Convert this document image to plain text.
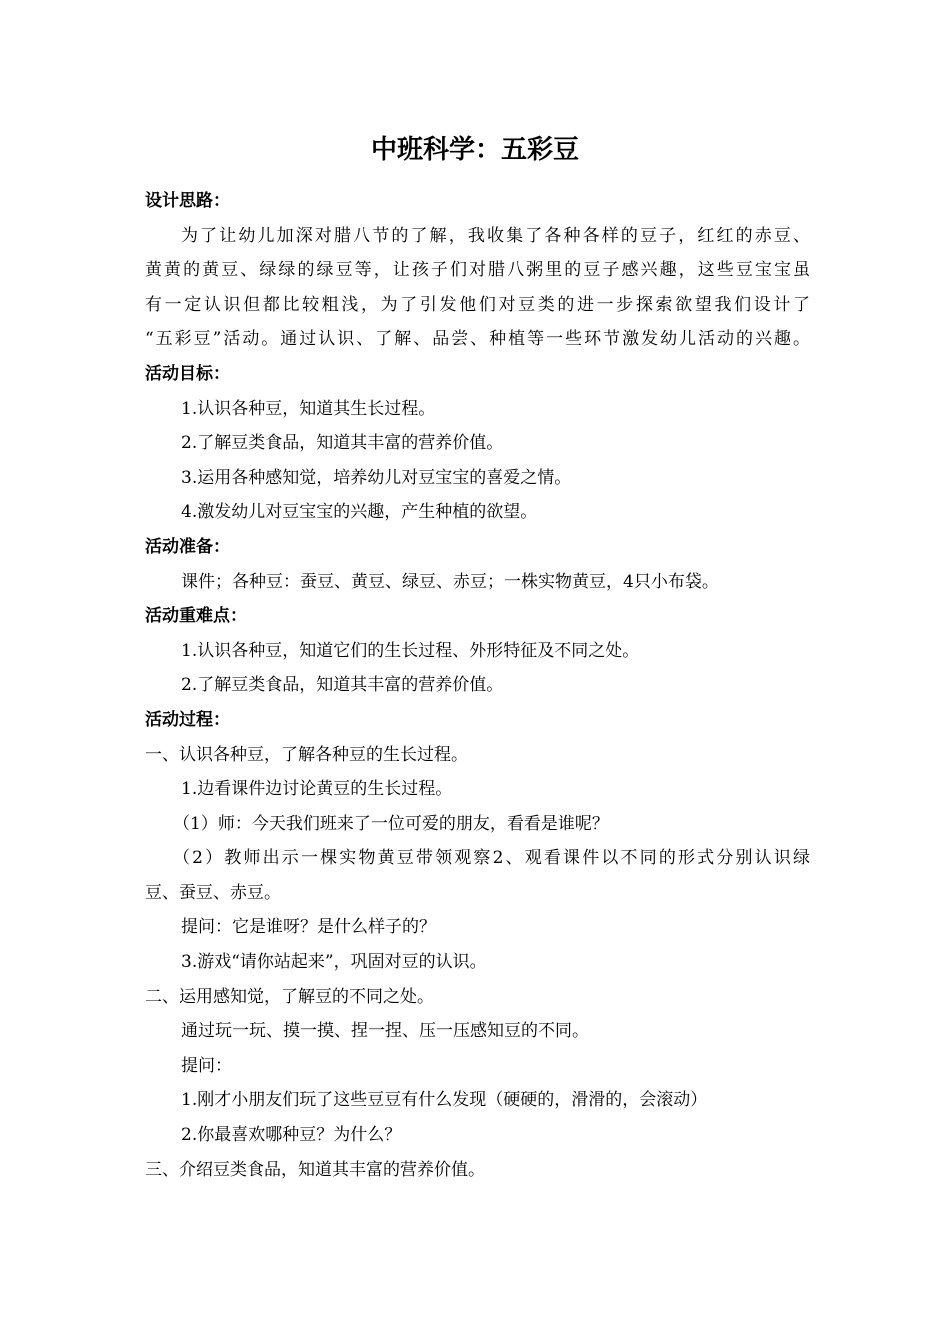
中班科学：五彩豆
设计思路：
为了让幼儿加深对腊八节的了解，我收集了各种各样的豆子，红红的赤豆、
黄黄的黄豆、绿绿的绿豆等，让孩子们对腊八粥里的豆子感兴趣，这些豆宝宝虽
有一定认识但都比较粗浅，为了引发他们对豆类的进一步探索欲望我们设计了
“五彩豆”活动。通过认识、了解、品尝、种植等一些环节激发幼儿活动的兴趣。
活动目标：
1.认识各种豆，知道其生长过程。
2.了解豆类食品，知道其丰富的营养价值。
3.运用各种感知觉，培养幼儿对豆宝宝的喜爱之情。
4.激发幼儿对豆宝宝的兴趣，产生种植的欲望。
活动准备：
课件；各种豆：蚕豆、黄豆、绿豆、赤豆；一株实物黄豆，4只小布袋。
活动重难点：
1.认识各种豆，知道它们的生长过程、外形特征及不同之处。
2.了解豆类食品，知道其丰富的营养价值。
活动过程：
一、认识各种豆，了解各种豆的生长过程。
1.边看课件边讨论黄豆的生长过程。
（1）师：今天我们班来了一位可爱的朋友，看看是谁呢？
（2）教师出示一棵实物黄豆带领观察2、观看课件以不同的形式分别认识绿
豆、蚕豆、赤豆。
提问：它是谁呀？是什么样子的？
3.游戏“请你站起来”，巩固对豆的认识。
二、运用感知觉，了解豆的不同之处。
通过玩一玩、摸一摸、捏一捏、压一压感知豆的不同。
提问：
1.刚才小朋友们玩了这些豆豆有什么发现（硬硬的，滑滑的，会滚动）
2.你最喜欢哪种豆？为什么？
三、介绍豆类食品，知道其丰富的营养价值。
